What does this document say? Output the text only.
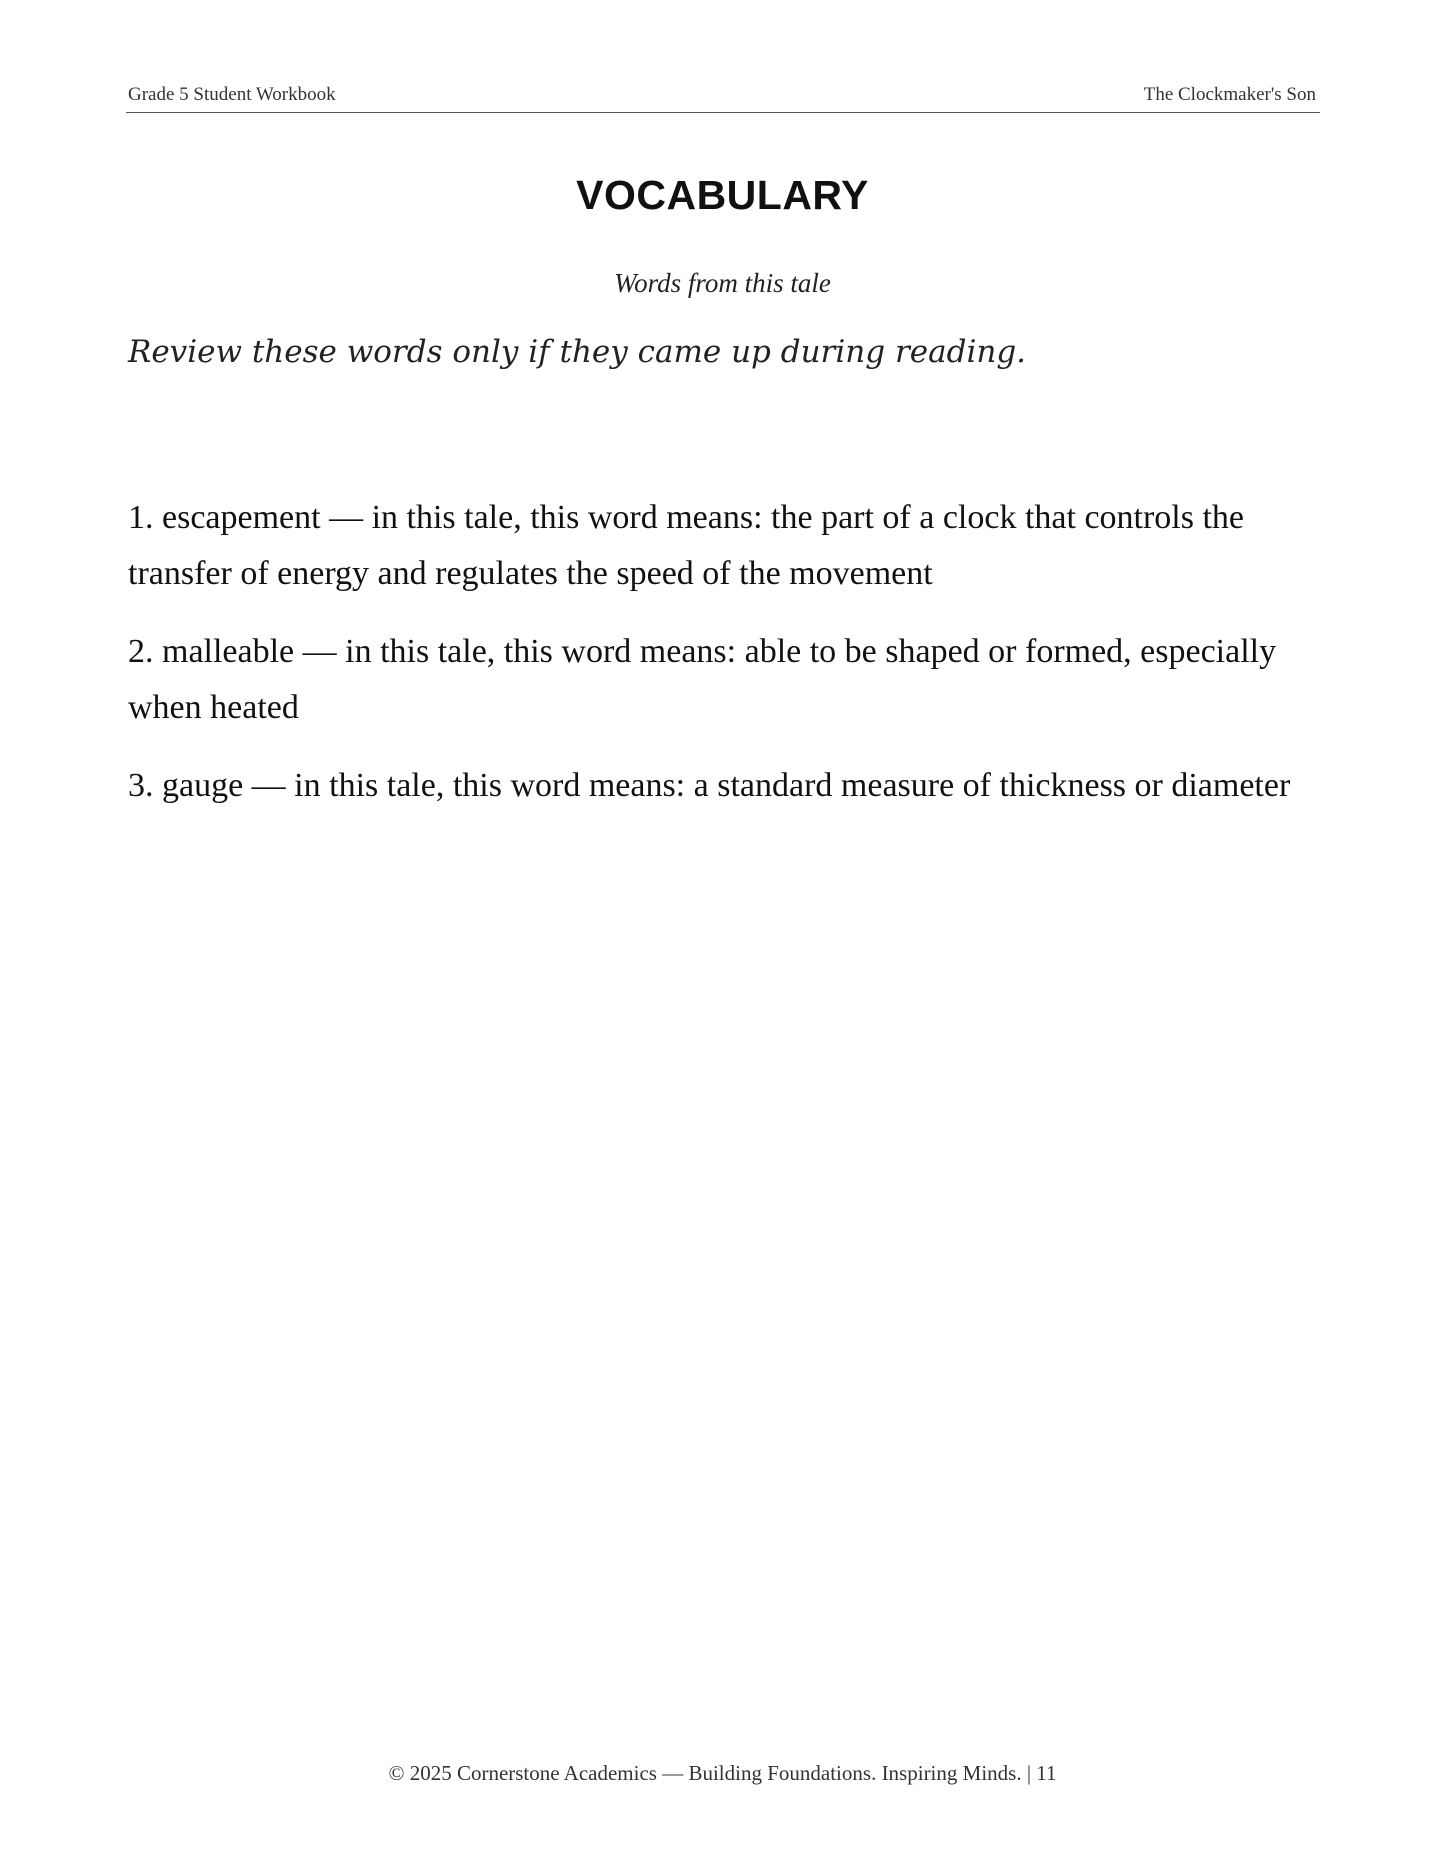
Grade 5 Student Workbook	The Clockmaker's Son
VOCABULARY
Words from this tale
Review these words only if they came up during reading.
1. escapement — in this tale, this word means: the part of a clock that controls the transfer of energy and regulates the speed of the movement
2. malleable — in this tale, this word means: able to be shaped or formed, especially when heated
3. gauge — in this tale, this word means: a standard measure of thickness or diameter
© 2025 Cornerstone Academics — Building Foundations. Inspiring Minds. | 11
